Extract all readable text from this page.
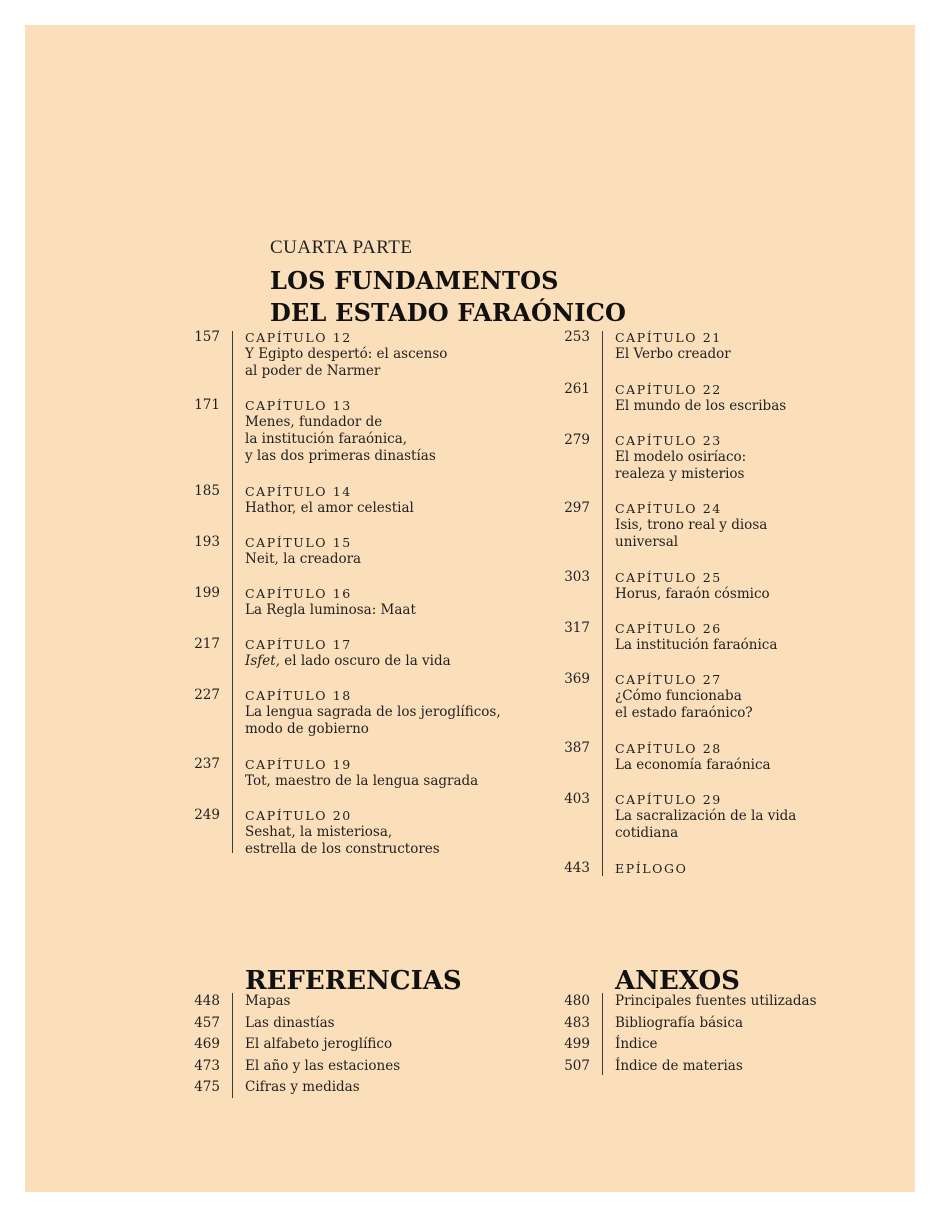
CUARTA PARTE
LOS FUNDAMENTOS
DEL ESTADO FARAÓNICO
157 CAPÍTULO 12
Y Egipto despertó: el ascenso
al poder de Narmer
171 CAPÍTULO 13
Menes, fundador de
la institución faraónica,
y las dos primeras dinastías
185 CAPÍTULO 14
Hathor, el amor celestial
193 CAPÍTULO 15
Neit, la creadora
199 CAPÍTULO 16
La Regla luminosa: Maat
217 CAPÍTULO 17
Isfet, el lado oscuro de la vida
227 CAPÍTULO 18
La lengua sagrada de los jeroglíficos,
modo de gobierno
237 CAPÍTULO 19
Tot, maestro de la lengua sagrada
249 CAPÍTULO 20
Seshat, la misteriosa,
estrella de los constructores
253 CAPÍTULO 21
El Verbo creador
261 CAPÍTULO 22
El mundo de los escribas
279 CAPÍTULO 23
El modelo osiríaco:
realeza y misterios
297 CAPÍTULO 24
Isis, trono real y diosa
universal
303 CAPÍTULO 25
Horus, faraón cósmico
317 CAPÍTULO 26
La institución faraónica
369 CAPÍTULO 27
¿Cómo funcionaba
el estado faraónico?
387 CAPÍTULO 28
La economía faraónica
403 CAPÍTULO 29
La sacralización de la vida
cotidiana
443 EPÍLOGO
REFERENCIAS	ANEXOS
448 Mapas
457 Las dinastías
469 El alfabeto jeroglífico
473 El año y las estaciones
475 Cifras y medidas
480 Principales fuentes utilizadas
483 Bibliografía básica
499 Índice
507 Índice de materias
